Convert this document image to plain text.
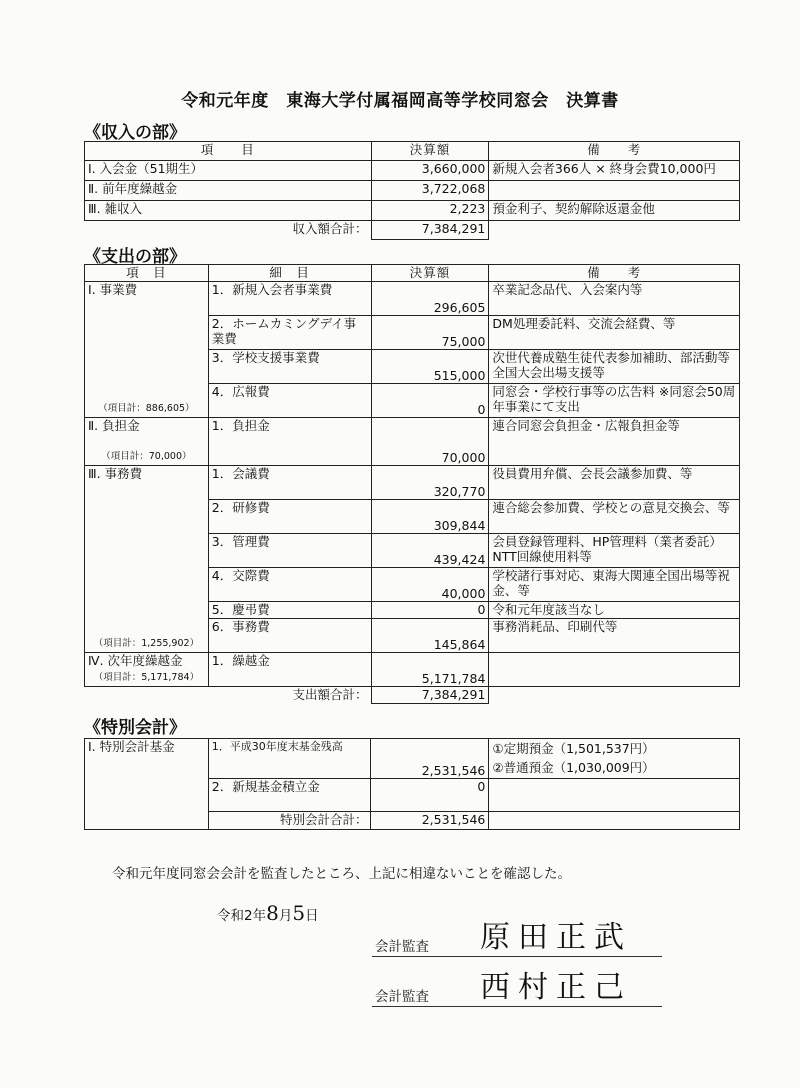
令和元年度　東海大学付属福岡高等学校同窓会　決算書
《収入の部》
項　　目	決算額	備　　考
Ⅰ. 入会金（51期生）	3,660,000	新規入会者366人 × 終身会費10,000円
Ⅱ. 前年度繰越金	3,722,068	
Ⅲ. 雑収入	2,223	預金利子、契約解除返還金他
収入額合計：	7,384,291	
《支出の部》
項　目	細　目	決算額	備　　考
Ⅰ. 事業費
（項目計：886,605）	1．新規入会者事業費	296,605	卒業記念品代、入会案内等
	2．ホームカミングデイ事業費	75,000	DM処理委託料、交流会経費、等
	3．学校支援事業費	515,000	次世代養成塾生徒代表参加補助、部活動等全国大会出場支援等
	4．広報費	0	同窓会・学校行事等の広告料 ※同窓会50周年事業にて支出
Ⅱ. 負担金
（項目計：70,000）	1．負担金	70,000	連合同窓会負担金・広報負担金等
Ⅲ. 事務費
（項目計：1,255,902）	1．会議費	320,770	役員費用弁償、会長会議参加費、等
	2．研修費	309,844	連合総会参加費、学校との意見交換会、等
	3．管理費	439,424	会員登録管理料、HP管理料（業者委託）NTT回線使用料等
	4．交際費	40,000	学校諸行事対応、東海大関連全国出場等祝金、等
	5．慶弔費	0	令和元年度該当なし
	6．事務費	145,864	事務消耗品、印刷代等
Ⅳ. 次年度繰越金
（項目計：5,171,784）	1．繰越金	5,171,784	
	支出額合計：	7,384,291	
《特別会計》
Ⅰ. 特別会計基金	1．平成30年度末基金残高	2,531,546	①定期預金（1,501,537円）
②普通預金（1,030,009円）

	2．新規基金積立金	0	
	特別会計合計：	2,531,546	
令和元年度同窓会会計を監査したところ、上記に相違ないことを確認した。
令和2年8月5日
会計監査 原田正武
会計監査 西村正己
